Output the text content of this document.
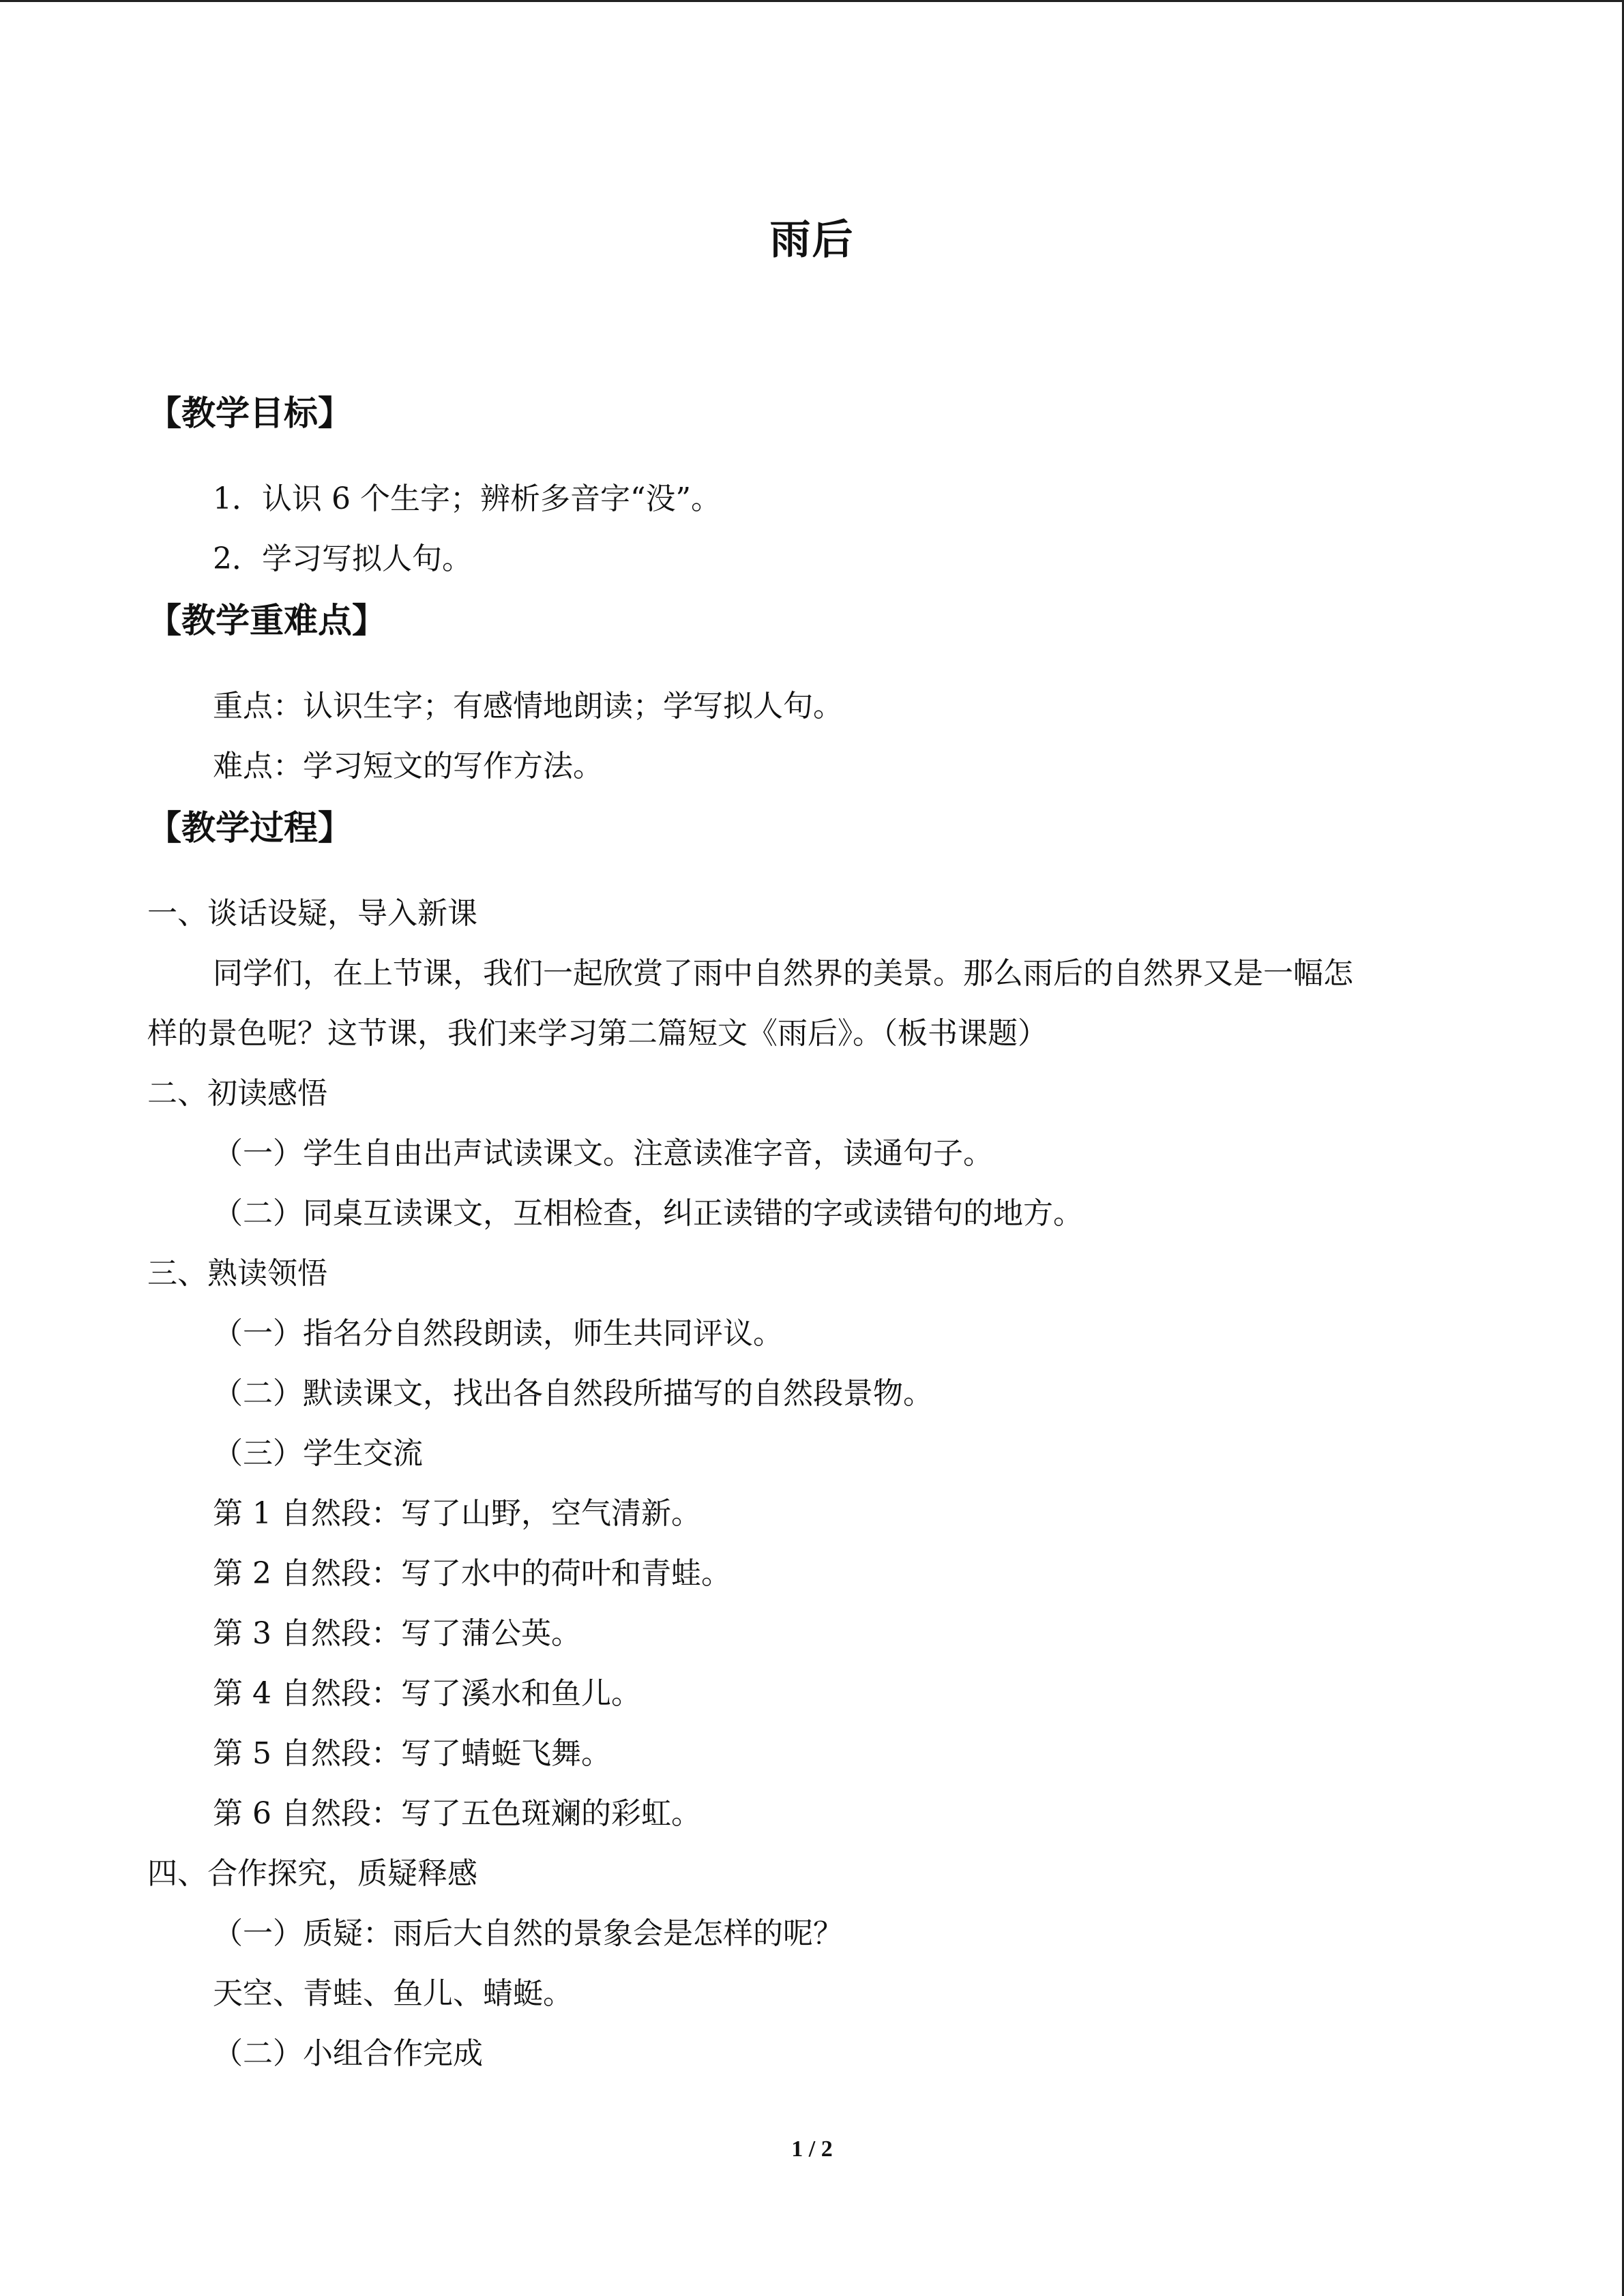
雨后
【教学目标】
1．认识 6 个生字；辨析多音字“没”。
2．学习写拟人句。
【教学重难点】
重点：认识生字；有感情地朗读；学写拟人句。
难点：学习短文的写作方法。
【教学过程】
一、谈话设疑，导入新课
同学们，在上节课，我们一起欣赏了雨中自然界的美景。那么雨后的自然界又是一幅怎
样的景色呢？这节课，我们来学习第二篇短文《雨后》。（板书课题）
二、初读感悟
（一）学生自由出声试读课文。注意读准字音，读通句子。
（二）同桌互读课文，互相检查，纠正读错的字或读错句的地方。
三、熟读领悟
（一）指名分自然段朗读，师生共同评议。
（二）默读课文，找出各自然段所描写的自然段景物。
（三）学生交流
第 1 自然段：写了山野，空气清新。
第 2 自然段：写了水中的荷叶和青蛙。
第 3 自然段：写了蒲公英。
第 4 自然段：写了溪水和鱼儿。
第 5 自然段：写了蜻蜓飞舞。
第 6 自然段：写了五色斑斓的彩虹。
四、合作探究，质疑释感
（一）质疑：雨后大自然的景象会是怎样的呢？
天空、青蛙、鱼儿、蜻蜓。
（二）小组合作完成
1 / 2
